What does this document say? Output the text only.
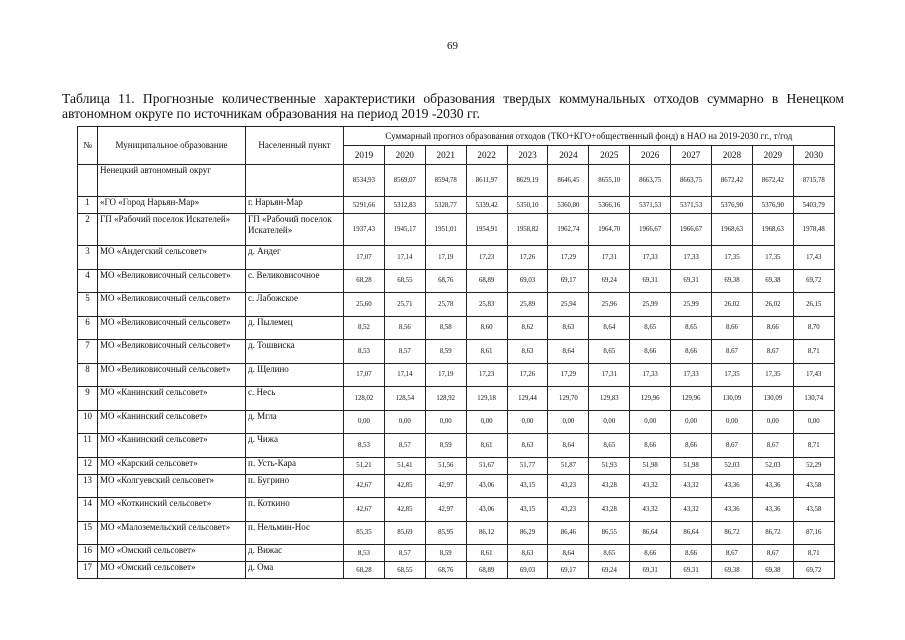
69
Таблица 11. Прогнозные количественные характеристики образования твердых коммунальных отходов суммарно в Ненецком автономном округе по источникам образования на период 2019 -2030 гг.
№	Муниципальное образование	Населенный пункт	Суммарный прогноз образования отходов (ТКО+КГО+общественный фонд) в НАО на 2019-2030 гг., т/год											
			2019	2020	2021	2022	2023	2024	2025	2026	2027	2028	2029	2030
	Ненецкий автономный округ		8534,93	8569,07	8594,78	8611,97	8629,19	8646,45	8655,10	8663,75	8663,75	8672,42	8672,42	8715,78
1	«ГО «Город Нарьян-Мар»	г. Нарьян-Мар	5291,66	5312,83	5328,77	5339,42	5350,10	5360,80	5366,16	5371,53	5371,53	5376,90	5376,90	5403,79
2	ГП «Рабочий поселок Искателей»	ГП «Рабочий поселок Искателей»	1937,43	1945,17	1951,01	1954,91	1958,82	1962,74	1964,70	1966,67	1966,67	1968,63	1968,63	1978,48
3	МО «Андегский сельсовет»	д. Андег	17,07	17,14	17,19	17,23	17,26	17,29	17,31	17,33	17,33	17,35	17,35	17,43
4	МО «Великовисочный сельсовет»	с. Великовисочное	68,28	68,55	68,76	68,89	69,03	69,17	69,24	69,31	69,31	69,38	69,38	69,72
5	МО «Великовисочный сельсовет»	с. Лабожское	25,60	25,71	25,78	25,83	25,89	25,94	25,96	25,99	25,99	26,02	26,02	26,15
6	МО «Великовисочный сельсовет»	д. Пылемец	8,52	8,56	8,58	8,60	8,62	8,63	8,64	8,65	8,65	8,66	8,66	8,70
7	МО «Великовисочный сельсовет»	д. Тошвиска	8,53	8,57	8,59	8,61	8,63	8,64	8,65	8,66	8,66	8,67	8,67	8,71
8	МО «Великовисочный сельсовет»	д. Щелино	17,07	17,14	17,19	17,23	17,26	17,29	17,31	17,33	17,33	17,35	17,35	17,43
9	МО «Канинский сельсовет»	с. Несь	128,02	128,54	128,92	129,18	129,44	129,70	129,83	129,96	129,96	130,09	130,09	130,74
10	МО «Канинский сельсовет»	д. Мгла	0,00	0,00	0,00	0,00	0,00	0,00	0,00	0,00	0,00	0,00	0,00	0,00
11	МО «Канинский сельсовет»	д. Чижа	8,53	8,57	8,59	8,61	8,63	8,64	8,65	8,66	8,66	8,67	8,67	8,71
12	МО «Карский сельсовет»	п. Усть-Кара	51,21	51,41	51,56	51,67	51,77	51,87	51,93	51,98	51,98	52,03	52,03	52,29
13	МО «Колгуевский сельсовет»	п. Бугрино	42,67	42,85	42,97	43,06	43,15	43,23	43,28	43,32	43,32	43,36	43,36	43,58
14	МО «Коткинский сельсовет»	п. Коткино	42,67	42,85	42,97	43,06	43,15	43,23	43,28	43,32	43,32	43,36	43,36	43,58
15	МО «Малоземельский сельсовет»	п. Нельмин-Нос	85,35	85,69	85,95	86,12	86,29	86,46	86,55	86,64	86,64	86,72	86,72	87,16
16	МО «Омский сельсовет»	д. Вижас	8,53	8,57	8,59	8,61	8,63	8,64	8,65	8,66	8,66	8,67	8,67	8,71
17	МО «Омский сельсовет»	д. Ома	68,28	68,55	68,76	68,89	69,03	69,17	69,24	69,31	69,31	69,38	69,38	69,72
